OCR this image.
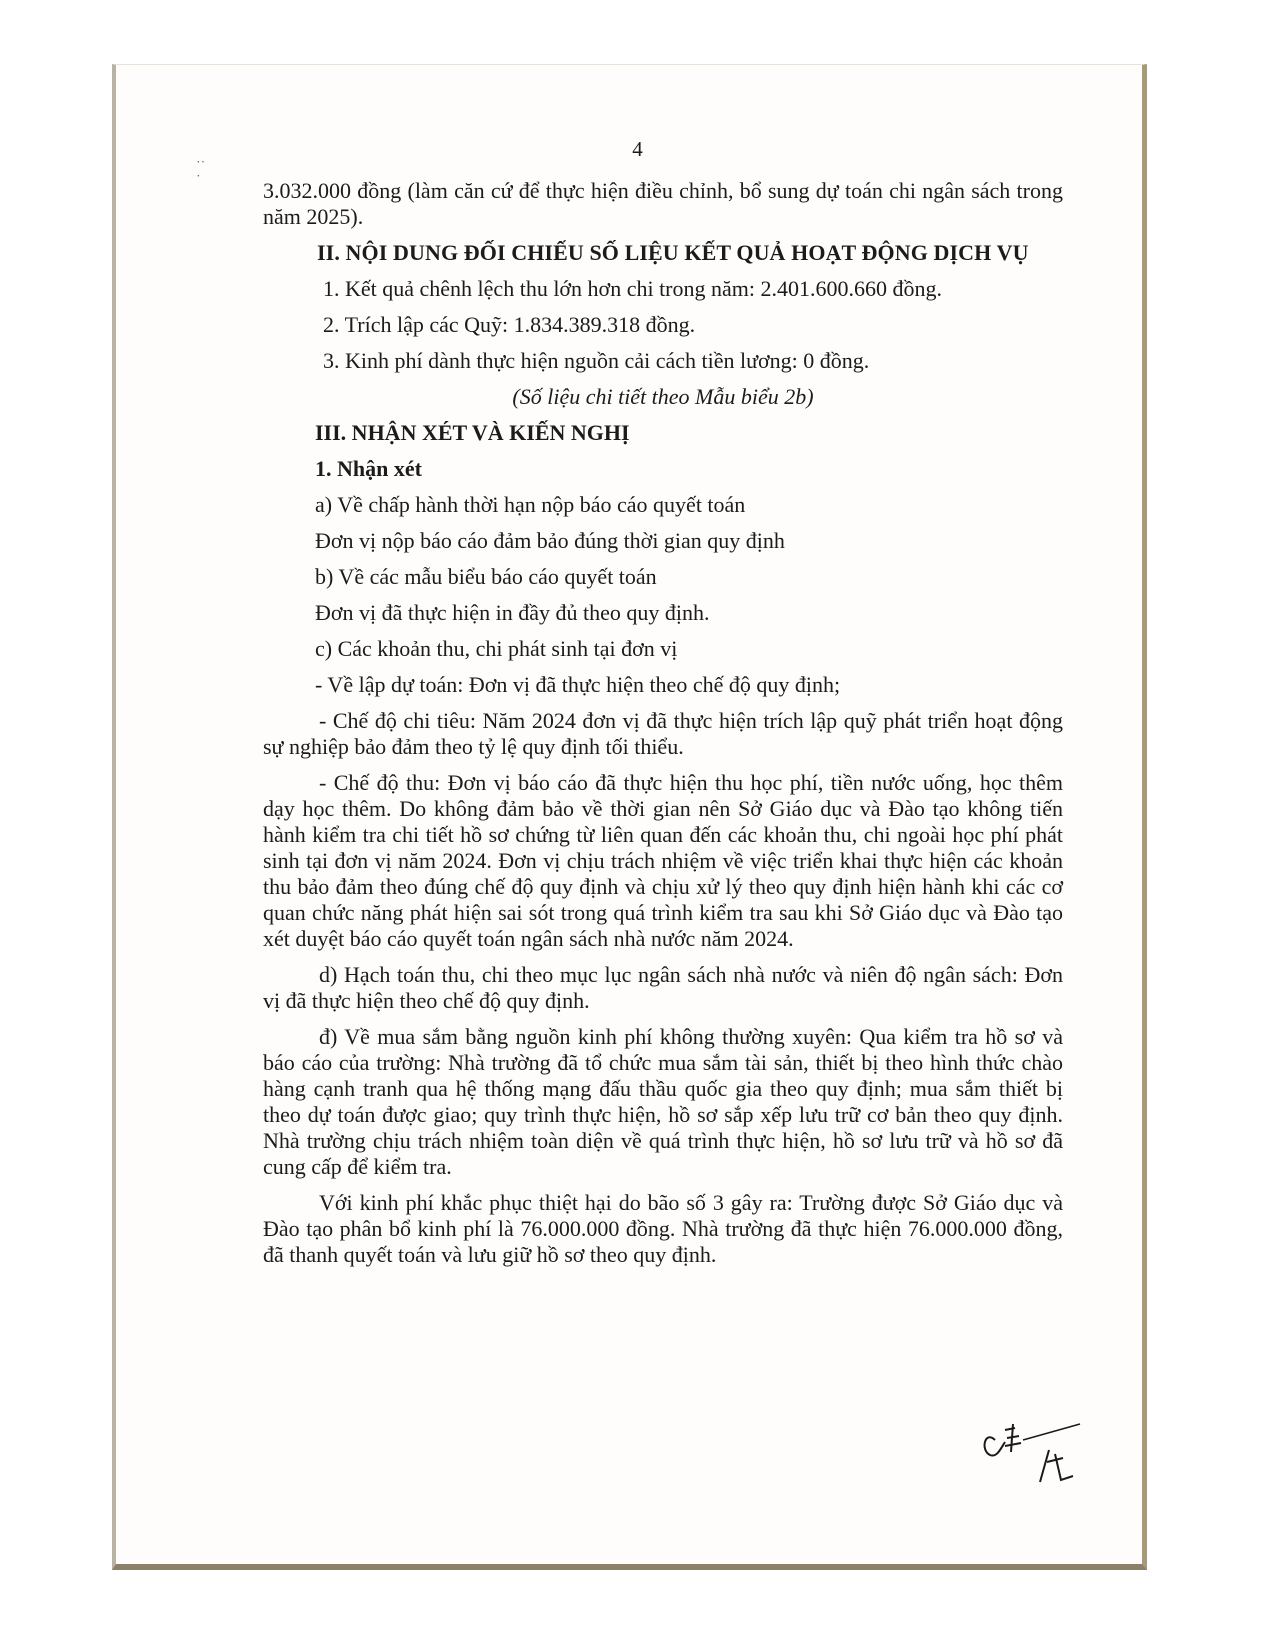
˙˙
˙
4

3.032.000 đồng (làm căn cứ để thực hiện điều chỉnh, bổ sung dự toán chi ngân sách trong năm 2025).

II. NỘI DUNG ĐỐI CHIẾU SỐ LIỆU KẾT QUẢ HOẠT ĐỘNG DỊCH VỤ

1. Kết quả chênh lệch thu lớn hơn chi trong năm: 2.401.600.660 đồng.

2. Trích lập các Quỹ: 1.834.389.318 đồng.

3. Kinh phí dành thực hiện nguồn cải cách tiền lương: 0 đồng.

(Số liệu chi tiết theo Mẫu biểu 2b)

III. NHẬN XÉT VÀ KIẾN NGHỊ

1. Nhận xét

a) Về chấp hành thời hạn nộp báo cáo quyết toán

Đơn vị nộp báo cáo đảm bảo đúng thời gian quy định

b) Về các mẫu biểu báo cáo quyết toán

Đơn vị đã thực hiện in đầy đủ theo quy định.

c) Các khoản thu, chi phát sinh tại đơn vị

- Về lập dự toán: Đơn vị đã thực hiện theo chế độ quy định;

- Chế độ chi tiêu: Năm 2024 đơn vị đã thực hiện trích lập quỹ phát triển hoạt động sự nghiệp bảo đảm theo tỷ lệ quy định tối thiểu.

- Chế độ thu: Đơn vị báo cáo đã thực hiện thu học phí, tiền nước uống, học thêm dạy học thêm. Do không đảm bảo về thời gian nên Sở Giáo dục và Đào tạo không tiến hành kiểm tra chi tiết hồ sơ chứng từ liên quan đến các khoản thu, chi ngoài học phí phát sinh tại đơn vị năm 2024. Đơn vị chịu trách nhiệm về việc triển khai thực hiện các khoản thu bảo đảm theo đúng chế độ quy định và chịu xử lý theo quy định hiện hành khi các cơ quan chức năng phát hiện sai sót trong quá trình kiểm tra sau khi Sở Giáo dục và Đào tạo xét duyệt báo cáo quyết toán ngân sách nhà nước năm 2024.

d) Hạch toán thu, chi theo mục lục ngân sách nhà nước và niên độ ngân sách: Đơn vị đã thực hiện theo chế độ quy định.

đ) Về mua sắm bằng nguồn kinh phí không thường xuyên: Qua kiểm tra hồ sơ và báo cáo của trường: Nhà trường đã tổ chức mua sắm tài sản, thiết bị theo hình thức chào hàng cạnh tranh qua hệ thống mạng đấu thầu quốc gia theo quy định; mua sắm thiết bị theo dự toán được giao; quy trình thực hiện, hồ sơ sắp xếp lưu trữ cơ bản theo quy định. Nhà trường chịu trách nhiệm toàn diện về quá trình thực hiện, hồ sơ lưu trữ và hồ sơ đã cung cấp để kiểm tra.

Với kinh phí khắc phục thiệt hại do bão số 3 gây ra: Trường được Sở Giáo dục và Đào tạo phân bổ kinh phí là 76.000.000 đồng. Nhà trường đã thực hiện 76.000.000 đồng, đã thanh quyết toán và lưu giữ hồ sơ theo quy định.
